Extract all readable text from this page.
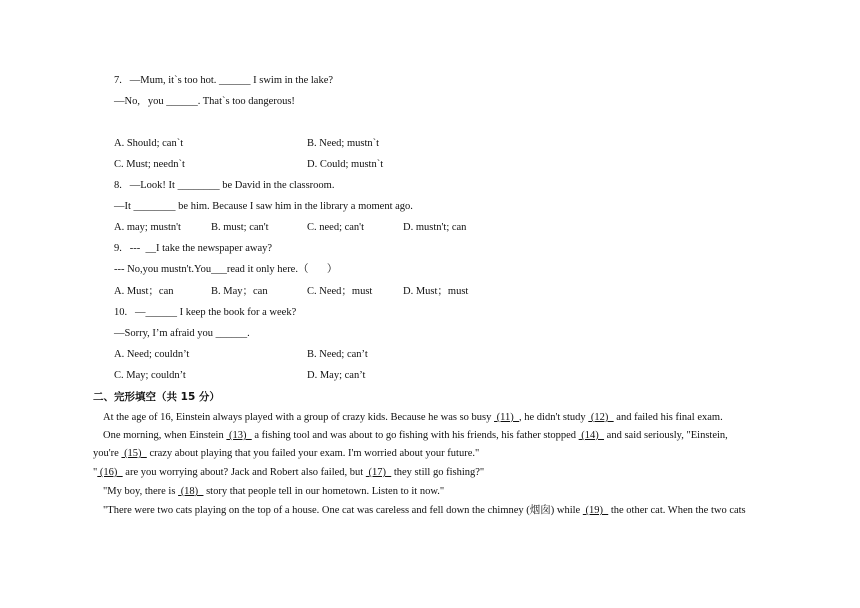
7.   —Mum, it`s too hot. ______ I swim in the lake?
—No,   you ______. That`s too dangerous!
A. Should; can`t	B. Need; mustn`t
C. Must; needn`t	D. Could; mustn`t
8.   —Look! It ________ be David in the classroom.
—It ________ be him. Because I saw him in the library a moment ago.
A. may; mustn't	B. must; can't	C. need; can't	D. mustn't; can
9.   ---  __I take the newspaper away?
--- No,you mustn't.You___read it only here.（       ）
A. Must；can	B. May；can	C. Need；must	D. Must；must
10.   —______ I keep the book for a week?
—Sorry, I’m afraid you ______.
A. Need; couldn’t	B. Need; can’t
C. May; couldn’t	D. May; can’t
二、完形填空（共 15 分）
At the age of 16, Einstein always played with a group of crazy kids. Because he was so busy  (11)  , he didn't study  (12)   and failed his final exam.
One morning, when Einstein  (13)   a fishing tool and was about to go fishing with his friends, his father stopped  (14)   and said seriously, "Einstein,
you're  (15)   crazy about playing that you failed your exam. I'm worried about your future."
" (16)   are you worrying about? Jack and Robert also failed, but  (17)   they still go fishing?"
"My boy, there is  (18)   story that people tell in our hometown. Listen to it now."
"There were two cats playing on the top of a house. One cat was careless and fell down the chimney (烟囱) while  (19)   the other cat. When the two cats
